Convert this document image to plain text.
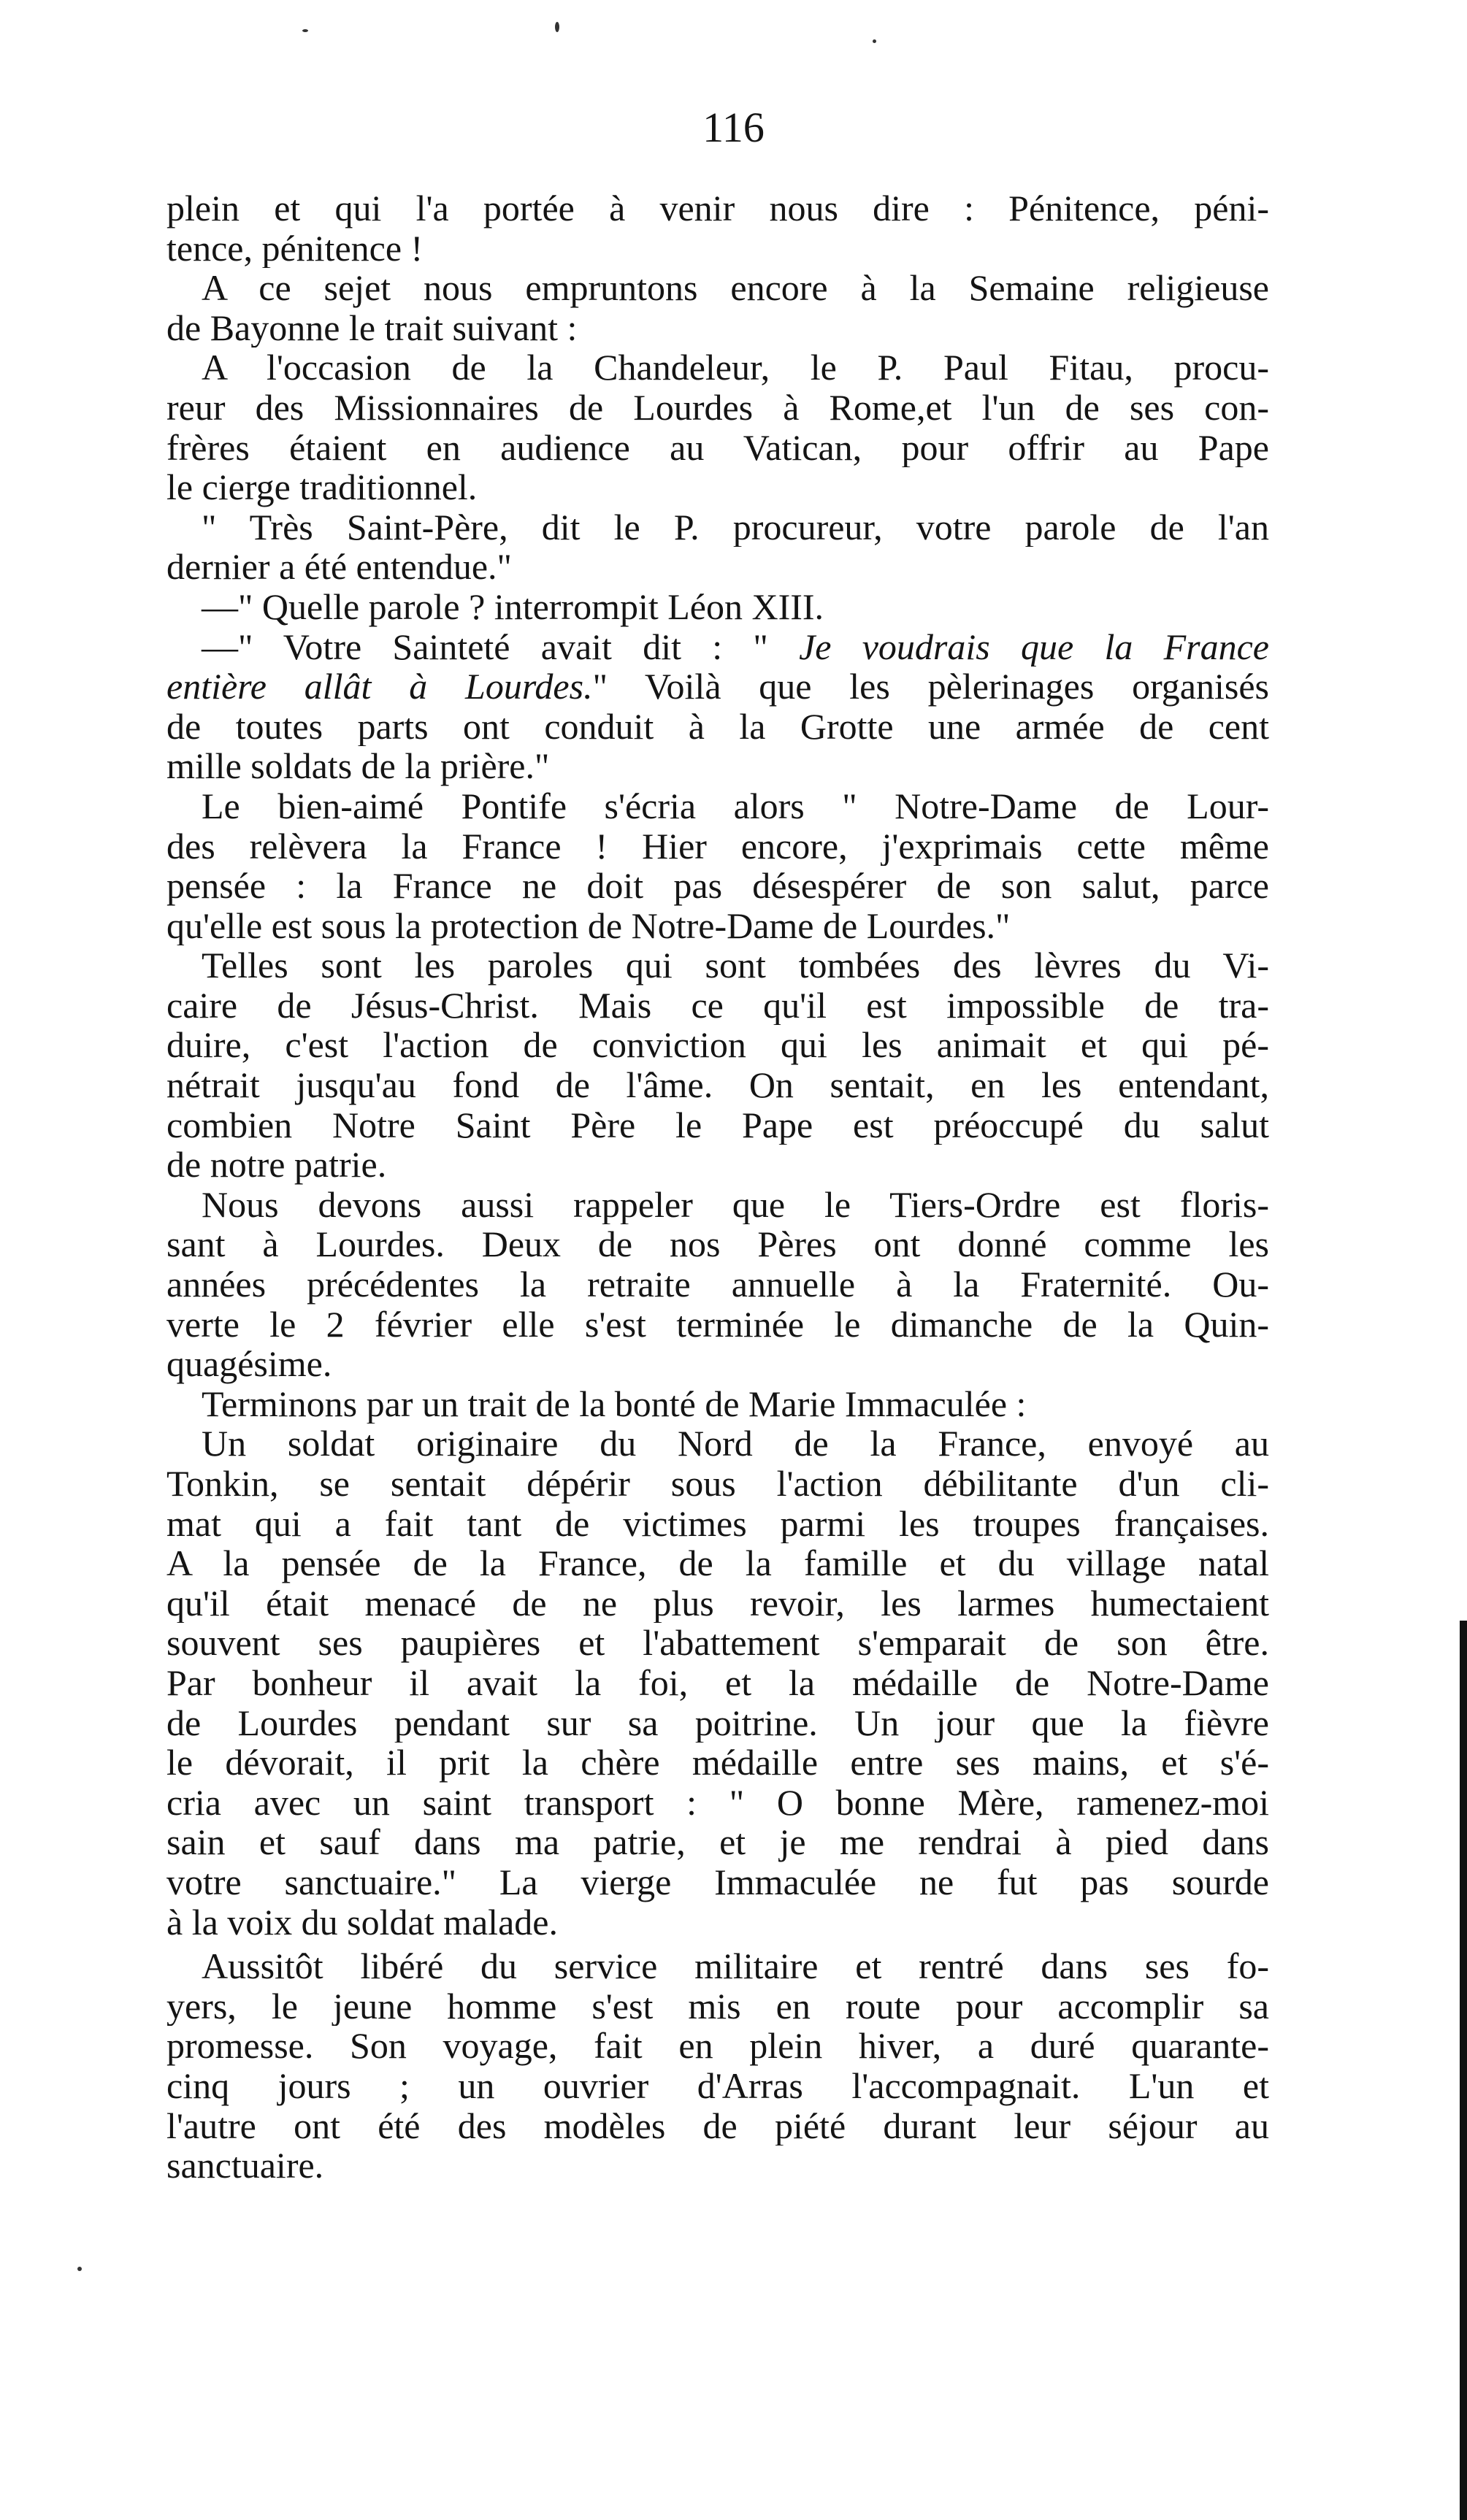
116
plein et qui l'a portée à venir nous dire : Pénitence, péni-
tence, pénitence !
A ce sejet nous empruntons encore à la Semaine religieuse
de Bayonne le trait suivant :
A l'occasion de la Chandeleur, le P. Paul Fitau, procu-
reur des Missionnaires de Lourdes à Rome,et l'un de ses con-
frères étaient en audience au Vatican, pour offrir au Pape
le cierge traditionnel.
" Très Saint-Père, dit le P. procureur, votre parole de l'an
dernier a été entendue."
—" Quelle parole ? interrompit Léon XIII.
—" Votre Sainteté avait dit : " Je voudrais que la France
entière allât à Lourdes." Voilà que les pèlerinages organisés
de toutes parts ont conduit à la Grotte une armée de cent
mille soldats de la prière."
Le bien-aimé Pontife s'écria alors " Notre-Dame de Lour-
des relèvera la France ! Hier encore, j'exprimais cette même
pensée : la France ne doit pas désespérer de son salut, parce
qu'elle est sous la protection de Notre-Dame de Lourdes."
Telles sont les paroles qui sont tombées des lèvres du Vi-
caire de Jésus-Christ. Mais ce qu'il est impossible de tra-
duire, c'est l'action de conviction qui les animait et qui pé-
nétrait jusqu'au fond de l'âme. On sentait, en les entendant,
combien Notre Saint Père le Pape est préoccupé du salut
de notre patrie.
Nous devons aussi rappeler que le Tiers-Ordre est floris-
sant à Lourdes. Deux de nos Pères ont donné comme les
années précédentes la retraite annuelle à la Fraternité. Ou-
verte le 2 février elle s'est terminée le dimanche de la Quin-
quagésime.
Terminons par un trait de la bonté de Marie Immaculée :
Un soldat originaire du Nord de la France, envoyé au
Tonkin, se sentait dépérir sous l'action débilitante d'un cli-
mat qui a fait tant de victimes parmi les troupes françaises.
A la pensée de la France, de la famille et du village natal
qu'il était menacé de ne plus revoir, les larmes humectaient
souvent ses paupières et l'abattement s'emparait de son être.
Par bonheur il avait la foi, et la médaille de Notre-Dame
de Lourdes pendant sur sa poitrine. Un jour que la fièvre
le dévorait, il prit la chère médaille entre ses mains, et s'é-
cria avec un saint transport : " O bonne Mère, ramenez-moi
sain et sauf dans ma patrie, et je me rendrai à pied dans
votre sanctuaire." La vierge Immaculée ne fut pas sourde
à la voix du soldat malade.
Aussitôt libéré du service militaire et rentré dans ses fo-
yers, le jeune homme s'est mis en route pour accomplir sa
promesse. Son voyage, fait en plein hiver, a duré quarante-
cinq jours ; un ouvrier d'Arras l'accompagnait. L'un et
l'autre ont été des modèles de piété durant leur séjour au
sanctuaire.
